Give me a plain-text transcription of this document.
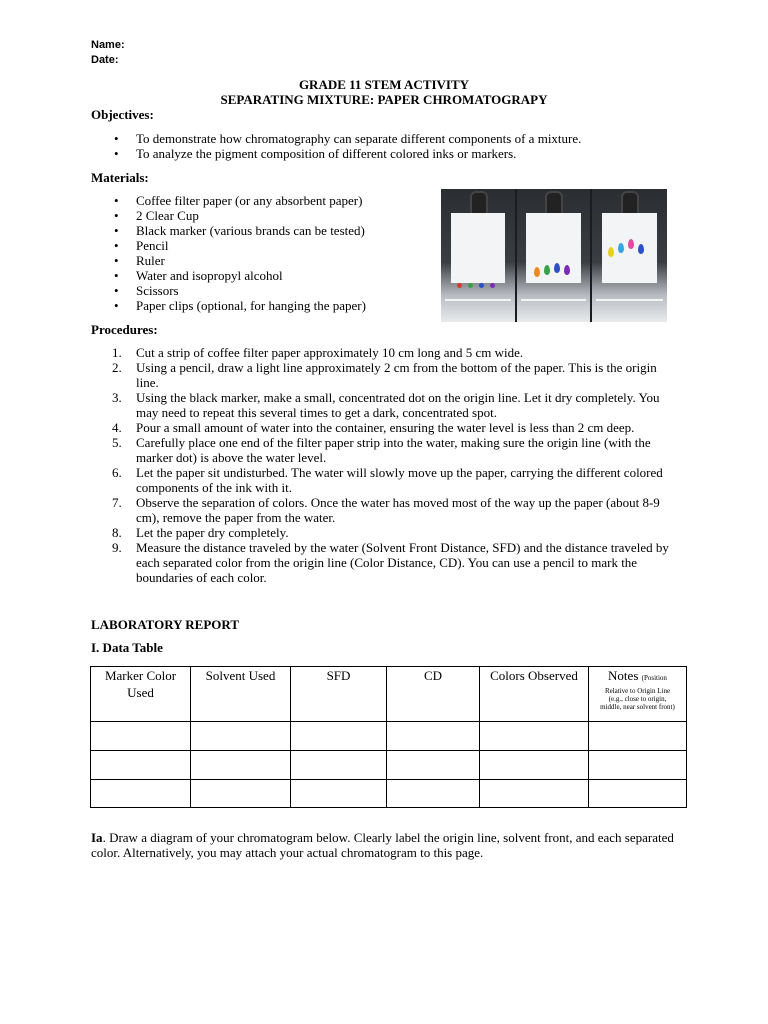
Name:
Date:
GRADE 11 STEM ACTIVITY
SEPARATING MIXTURE: PAPER CHROMATOGRAPY
Objectives:
• To demonstrate how chromatography can separate different components of a mixture.
• To analyze the pigment composition of different colored inks or markers.
Materials:
• Coffee filter paper (or any absorbent paper)
• 2 Clear Cup
• Black marker (various brands can be tested)
• Pencil
• Ruler
• Water and isopropyl alcohol
• Scissors
• Paper clips (optional, for hanging the paper)
Procedures:
1. Cut a strip of coffee filter paper approximately 10 cm long and 5 cm wide.
2. Using a pencil, draw a light line approximately 2 cm from the bottom of the paper. This is the origin line.
3. Using the black marker, make a small, concentrated dot on the origin line. Let it dry completely. You may need to repeat this several times to get a dark, concentrated spot.
4. Pour a small amount of water into the container, ensuring the water level is less than 2 cm deep.
5. Carefully place one end of the filter paper strip into the water, making sure the origin line (with the marker dot) is above the water level.
6. Let the paper sit undisturbed. The water will slowly move up the paper, carrying the different colored components of the ink with it.
7. Observe the separation of colors. Once the water has moved most of the way up the paper (about 8-9 cm), remove the paper from the water.
8. Let the paper dry completely.
9. Measure the distance traveled by the water (Solvent Front Distance, SFD) and the distance traveled by each separated color from the origin line (Color Distance, CD). You can use a pencil to mark the boundaries of each color.
LABORATORY REPORT
I. Data Table
Marker Color Used	Solvent Used	SFD	CD	Colors Observed	Notes (Position
Relative to Origin Line
(e.g., close to origin,
middle, near solvent front)

Ia. Draw a diagram of your chromatogram below. Clearly label the origin line, solvent front, and each separated color. Alternatively, you may attach your actual chromatogram to this page.
